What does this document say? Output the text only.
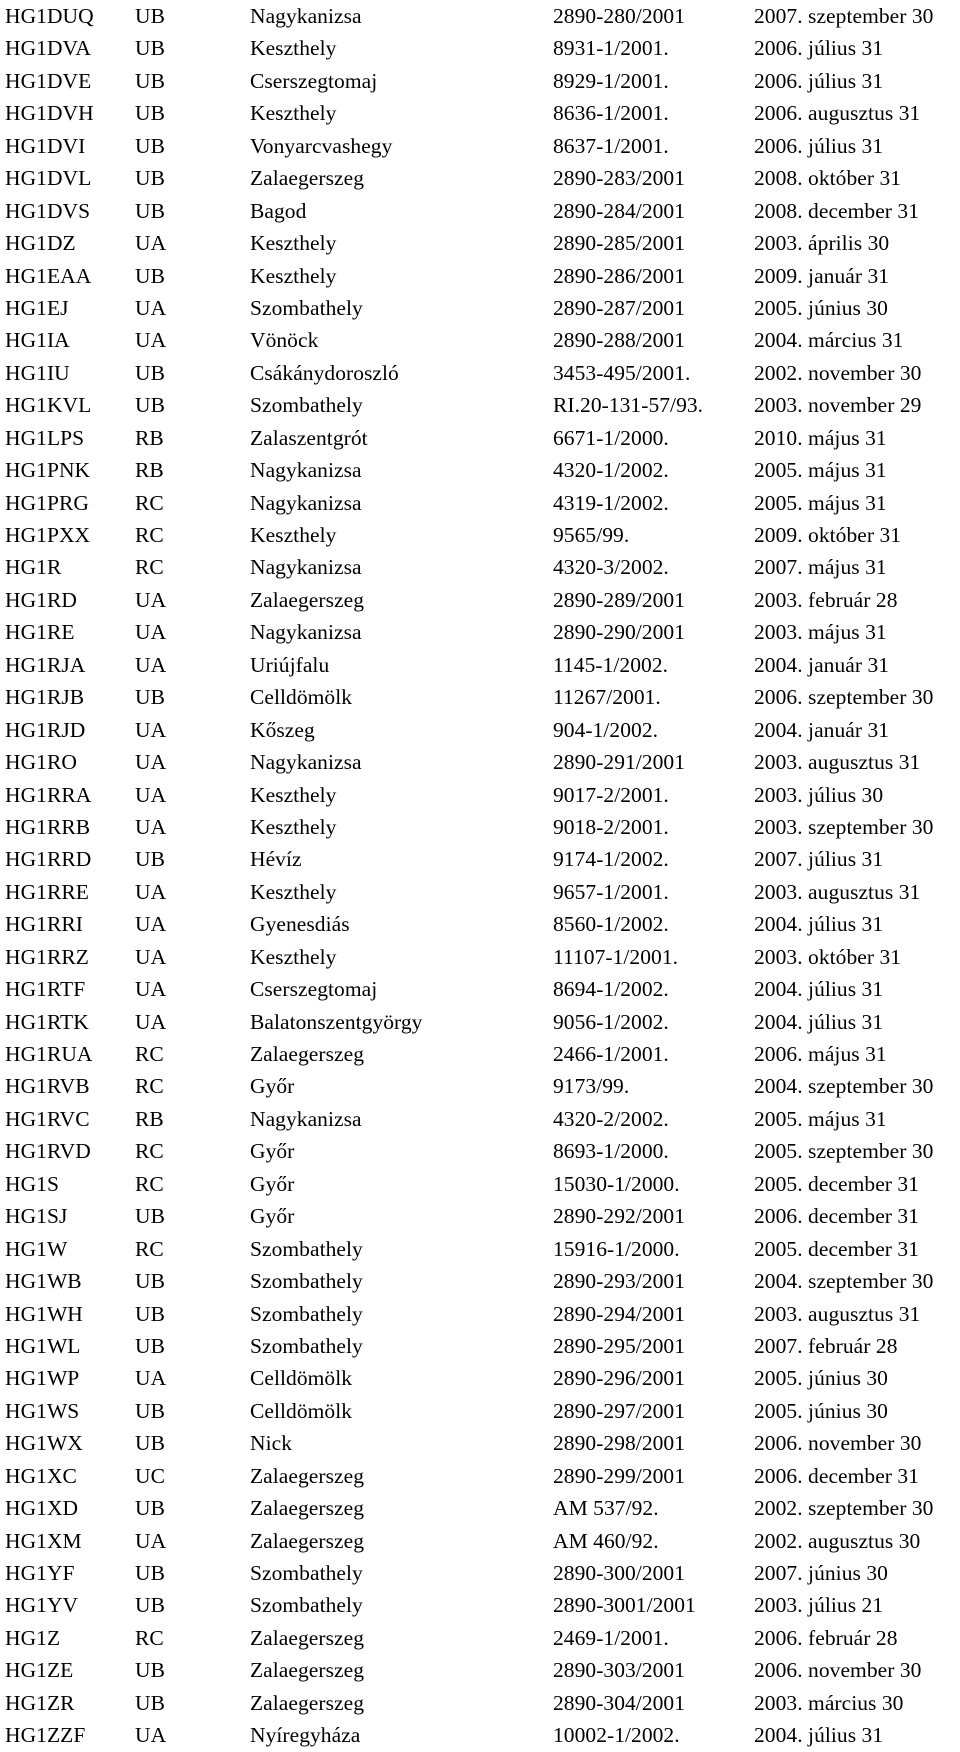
HG1DUQ UB	Nagykanizsa	2890-280/2001	2007. szeptember 30
HG1DVA UB	Keszthely	8931-1/2001.	2006. július 31
HG1DVE UB	Cserszegtomaj	8929-1/2001.	2006. július 31
HG1DVH UB	Keszthely	8636-1/2001.	2006. augusztus 31
HG1DVI UB	Vonyarcvashegy	8637-1/2001.	2006. július 31
HG1DVL UB	Zalaegerszeg	2890-283/2001	2008. október 31
HG1DVS UB	Bagod	2890-284/2001	2008. december 31
HG1DZ	UA	Keszthely	2890-285/2001	2003. április 30
HG1EAA UB	Keszthely	2890-286/2001	2009. január 31
HG1EJ	UA	Szombathely	2890-287/2001	2005. június 30
HG1IA	UA	Vönöck	2890-288/2001	2004. március 31
HG1IU	UB	Csákánydoroszló	3453-495/2001.	2002. november 30
HG1KVL UB	Szombathely	RI.20-131-57/93. 2003. november 29
HG1LPS RB	Zalaszentgrót	6671-1/2000.	2010. május 31
HG1PNK RB	Nagykanizsa	4320-1/2002.	2005. május 31
HG1PRG RC	Nagykanizsa	4319-1/2002.	2005. május 31
HG1PXX RC	Keszthely	9565/99.	2009. október 31
HG1R	RC	Nagykanizsa	4320-3/2002.	2007. május 31
HG1RD	UA	Zalaegerszeg	2890-289/2001	2003. február 28
HG1RE	UA	Nagykanizsa	2890-290/2001	2003. május 31
HG1RJA UA	Uriújfalu	1145-1/2002.	2004. január 31
HG1RJB UB	Celldömölk	11267/2001.	2006. szeptember 30
HG1RJD UA	Kőszeg	904-1/2002.	2004. január 31
HG1RO	UA	Nagykanizsa	2890-291/2001	2003. augusztus 31
HG1RRA UA	Keszthely	9017-2/2001.	2003. július 30
HG1RRB UA	Keszthely	9018-2/2001.	2003. szeptember 30
HG1RRD UB	Hévíz	9174-1/2002.	2007. július 31
HG1RRE UA	Keszthely	9657-1/2001.	2003. augusztus 31
HG1RRI UA	Gyenesdiás	8560-1/2002.	2004. július 31
HG1RRZ UA	Keszthely	11107-1/2001.	2003. október 31
HG1RTF UA	Cserszegtomaj	8694-1/2002.	2004. július 31
HG1RTK UA	Balatonszentgyörgy	9056-1/2002.	2004. július 31
HG1RUA RC	Zalaegerszeg	2466-1/2001.	2006. május 31
HG1RVB RC	Győr	9173/99.	2004. szeptember 30
HG1RVC RB	Nagykanizsa	4320-2/2002.	2005. május 31
HG1RVD RC	Győr	8693-1/2000.	2005. szeptember 30
HG1S	RC	Győr	15030-1/2000.	2005. december 31
HG1SJ	UB	Győr	2890-292/2001	2006. december 31
HG1W	RC	Szombathely	15916-1/2000.	2005. december 31
HG1WB UB	Szombathely	2890-293/2001	2004. szeptember 30
HG1WH UB	Szombathely	2890-294/2001	2003. augusztus 31
HG1WL	UB	Szombathely	2890-295/2001	2007. február 28
HG1WP	UA	Celldömölk	2890-296/2001	2005. június 30
HG1WS	UB	Celldömölk	2890-297/2001	2005. június 30
HG1WX UB	Nick	2890-298/2001	2006. november 30
HG1XC	UC	Zalaegerszeg	2890-299/2001	2006. december 31
HG1XD	UB	Zalaegerszeg	AM 537/92.	2002. szeptember 30
HG1XM UA	Zalaegerszeg	AM 460/92.	2002. augusztus 30
HG1YF	UB	Szombathely	2890-300/2001	2007. június 30
HG1YV	UB	Szombathely	2890-3001/2001	2003. július 21
HG1Z	RC	Zalaegerszeg	2469-1/2001.	2006. február 28
HG1ZE	UB	Zalaegerszeg	2890-303/2001	2006. november 30
HG1ZR	UB	Zalaegerszeg	2890-304/2001	2003. március 30
HG1ZZF UA	Nyíregyháza	10002-1/2002.	2004. július 31
